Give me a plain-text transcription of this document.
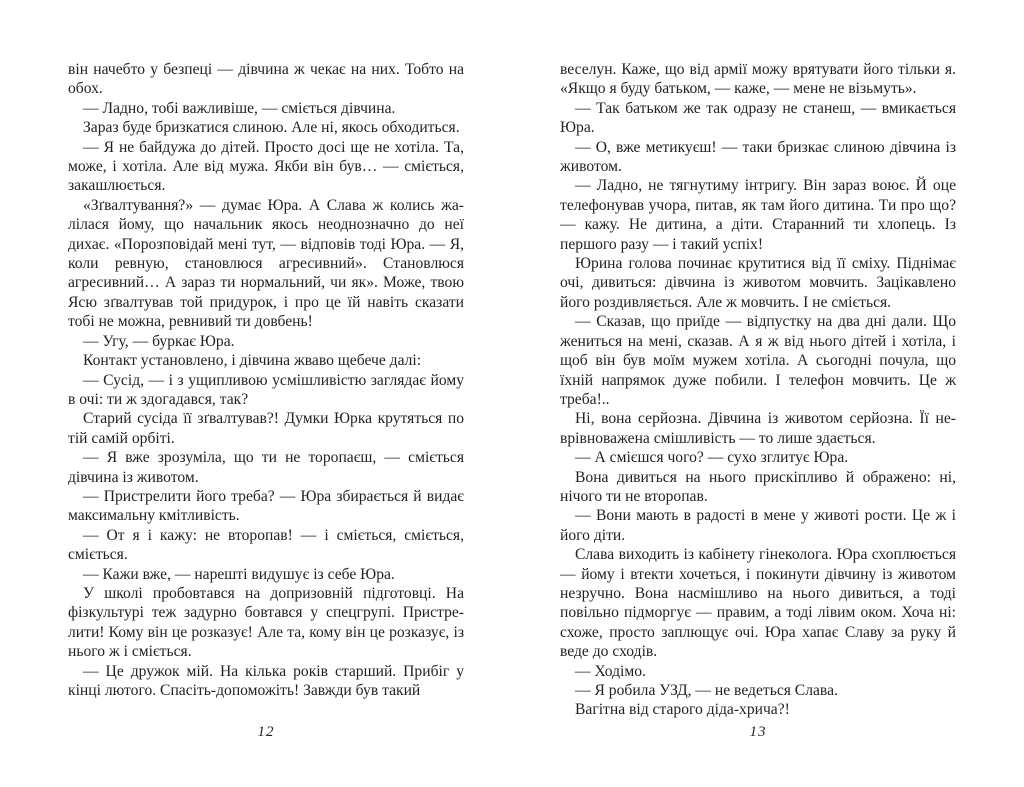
він начебто у безпеці — дівчина ж чекає на них. Тобто на обох.

— Ладно, тобі важливіше, — сміється дівчина.

Зараз буде бризкатися слиною. Але ні, якось обходиться.

— Я не байдужа до дітей. Просто досі ще не хотіла. Та, може, і хотіла. Але від мужа. Якби він був… — сміється, закашлюється.

«Зґвалтування?» — думає Юра. А Слава ж колись жалілася йому, що начальник якось неоднозначно до неї дихає. «Порозповідай мені тут, — відповів тоді Юра. — Я, коли ревную, становлюся агресивний». Становлюся агресивний… А зараз ти нормальний, чи як». Може, твою Ясю зґвалтував той придурок, і про це їй навіть сказати тобі не можна, ревнивий ти довбень!

— Угу, — буркає Юра.

Контакт установлено, і дівчина жваво щебече далі:

— Сусід, — і з ущипливою усмішливістю заглядає йому в очі: ти ж здогадався, так?

Старий сусіда її зґвалтував?! Думки Юрка крутяться по тій самій орбіті.

— Я вже зрозуміла, що ти не торопаєш, — сміється дівчина із животом.

— Пристрелити його треба? — Юра збирається й видає максимальну кмітливість.

— От я і кажу: не второпав! — і сміється, сміється, сміється.

— Кажи вже, — нарешті видушує із себе Юра.

У школі пробовтався на допризовній підготовці. На фізкультурі теж задурно бовтався у спецгрупі. Пристрелити! Кому він це розказує! Але та, кому він це розказує, із нього ж і сміється.

— Це дружок мій. На кілька років старший. Прибіг у кінці лютого. Спасіть-допоможіть! Завжди був такий

12

веселун. Каже, що від армії можу врятувати його тільки я. «Якщо я буду батьком, — каже, — мене не візьмуть».

— Так батьком же так одразу не станеш, — вмикається Юра.

— О, вже метикуєш! — таки бризкає слиною дівчина із животом.

— Ладно, не тягнутиму інтригу. Він зараз воює. Й оце телефонував учора, питав, як там його дитина. Ти про що? — кажу. Не дитина, а діти. Старанний ти хлопець. Із першого разу — і такий успіх!

Юрина голова починає крутитися від її сміху. Піднімає очі, дивиться: дівчина із животом мовчить. Зацікавлено його роздивляється. Але ж мовчить. І не сміється.

— Сказав, що приїде — відпустку на два дні дали. Що жениться на мені, сказав. А я ж від нього дітей і хотіла, і щоб він був моїм мужем хотіла. А сьогодні почула, що їхній напрямок дуже побили. І телефон мовчить. Це ж треба!..

Ні, вона серйозна. Дівчина із животом серйозна. Її неврівноважена смішливість — то лише здається.

— А смієшся чого? — сухо зглитує Юра.

Вона дивиться на нього прискіпливо й ображено: ні, нічого ти не второпав.

— Вони мають в радості в мене у животі рости. Це ж і його діти.

Слава виходить із кабінету гінеколога. Юра схоплюється — йому і втекти хочеться, і покинути дівчину із животом незручно. Вона насмішливо на нього дивиться, а тоді повільно підморгує — правим, а тоді лівим оком. Хоча ні: схоже, просто заплющує очі. Юра хапає Славу за руку й веде до сходів.

— Ходімо.

— Я робила УЗД, — не ведеться Слава.

Вагітна від старого діда-хрича?!

13
